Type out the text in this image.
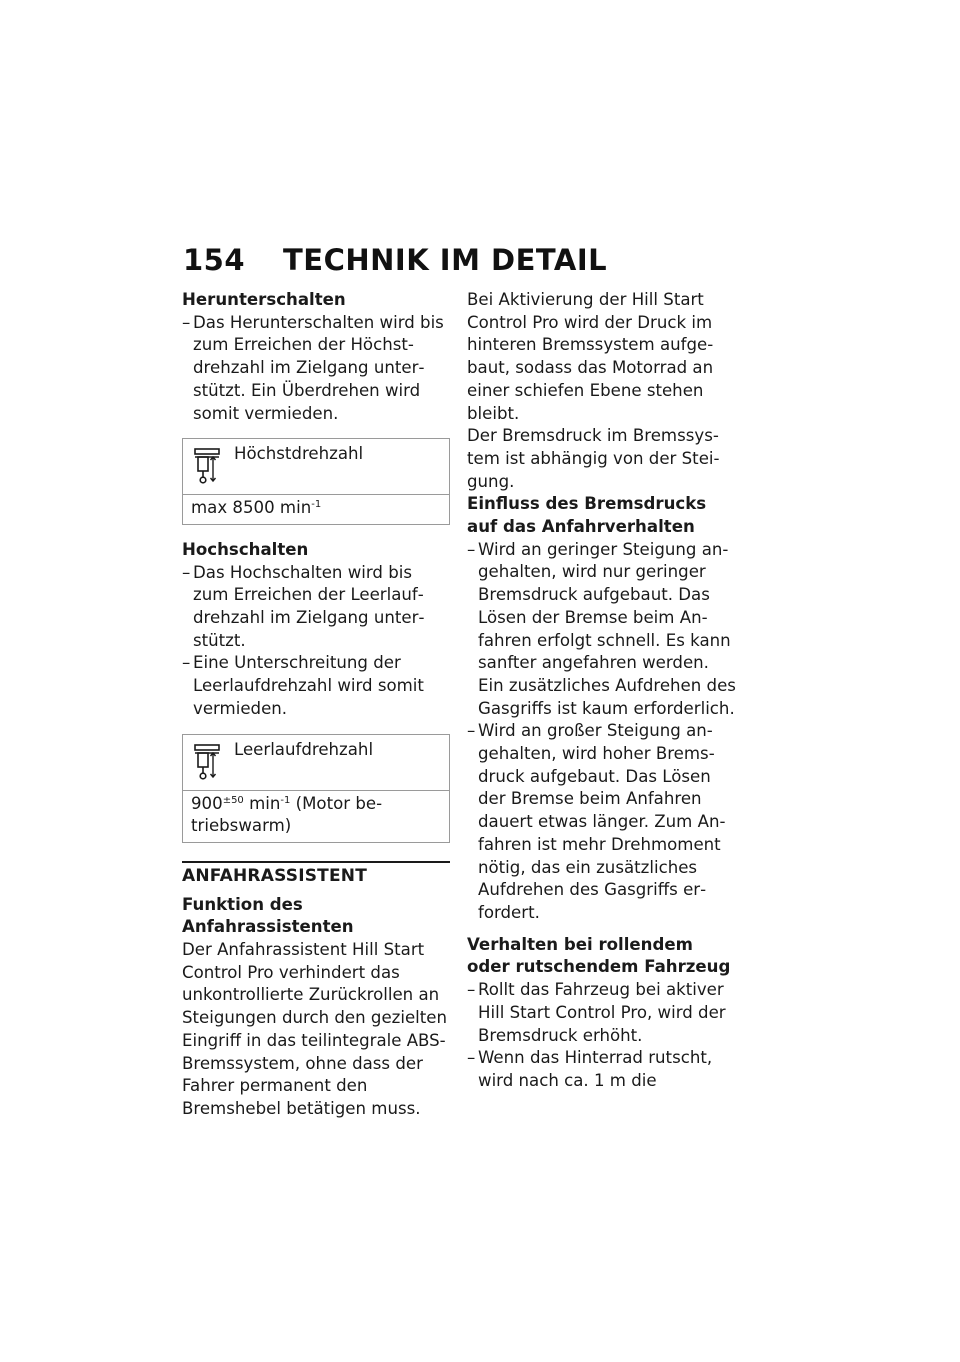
154 TECHNIK IM DETAIL

Herunterschalten

– Das Herunterschalten wird bis zum Erreichen der Höchstdrehzahl im Zielgang unterstützt. Ein Überdrehen wird somit vermieden.
Höchstdrehzahl
max 8500 $\min^{-1}$

Hochschalten

– Das Hochschalten wird bis zum Erreichen der Leerlaufdrehzahl im Zielgang unterstützt.
– Eine Unterschreitung der Leerlaufdrehzahl wird somit vermieden.
Leerlaufdrehzahl
$900^{\pm 50}$ $\min^{-1}$ (Motor betriebswarm)
ANFAHRASSISTENT

Funktion des Anfahrassistenten

Der Anfahrassistent Hill Start Control Pro verhindert das unkontrollierte Zurückrollen an Steigungen durch den gezielten Eingriff in das teilintegrale ABS-Bremssystem, ohne dass der Fahrer permanent den Bremshebel betätigen muss.

Bei Aktivierung der Hill Start Control Pro wird der Druck im hinteren Bremssystem aufgebaut, sodass das Motorrad an einer schiefen Ebene stehen bleibt.

Der Bremsdruck im Bremssystem ist abhängig von der Steigung.

Einfluss des Bremsdrucks auf das Anfahrverhalten

– Wird an geringer Steigung angehalten, wird nur geringer Bremsdruck aufgebaut. Das Lösen der Bremse beim Anfahren erfolgt schnell. Es kann sanfter angefahren werden. Ein zusätzliches Aufdrehen des Gasgriffs ist kaum erforderlich.
– Wird an großer Steigung angehalten, wird hoher Bremsdruck aufgebaut. Das Lösen der Bremse beim Anfahren dauert etwas länger. Zum Anfahren ist mehr Drehmoment nötig, das ein zusätzliches Aufdrehen des Gasgriffs erfordert.

Verhalten bei rollendem oder rutschendem Fahrzeug

– Rollt das Fahrzeug bei aktiver Hill Start Control Pro, wird der Bremsdruck erhöht.
– Wenn das Hinterrad rutscht, wird nach ca. 1 m die
